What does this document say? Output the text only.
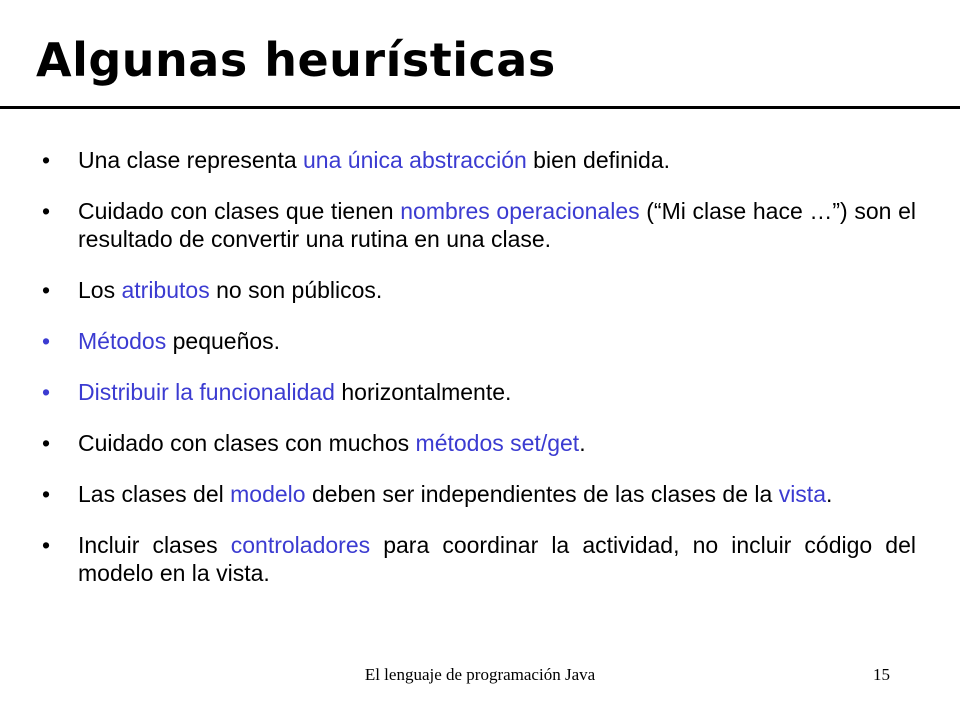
Algunas heurísticas
• Una clase representa una única abstracción bien definida.
• Cuidado con clases que tienen nombres operacionales (“Mi clase hace …”) son el resultado de convertir una rutina en una clase.
• Los atributos no son públicos.
• Métodos pequeños.
• Distribuir la funcionalidad horizontalmente.
• Cuidado con clases con muchos métodos set/get.
• Las clases del modelo deben ser independientes de las clases de la vista.
• Incluir clases controladores para coordinar la actividad, no incluir código del modelo en la vista.
El lenguaje de programación Java	15
